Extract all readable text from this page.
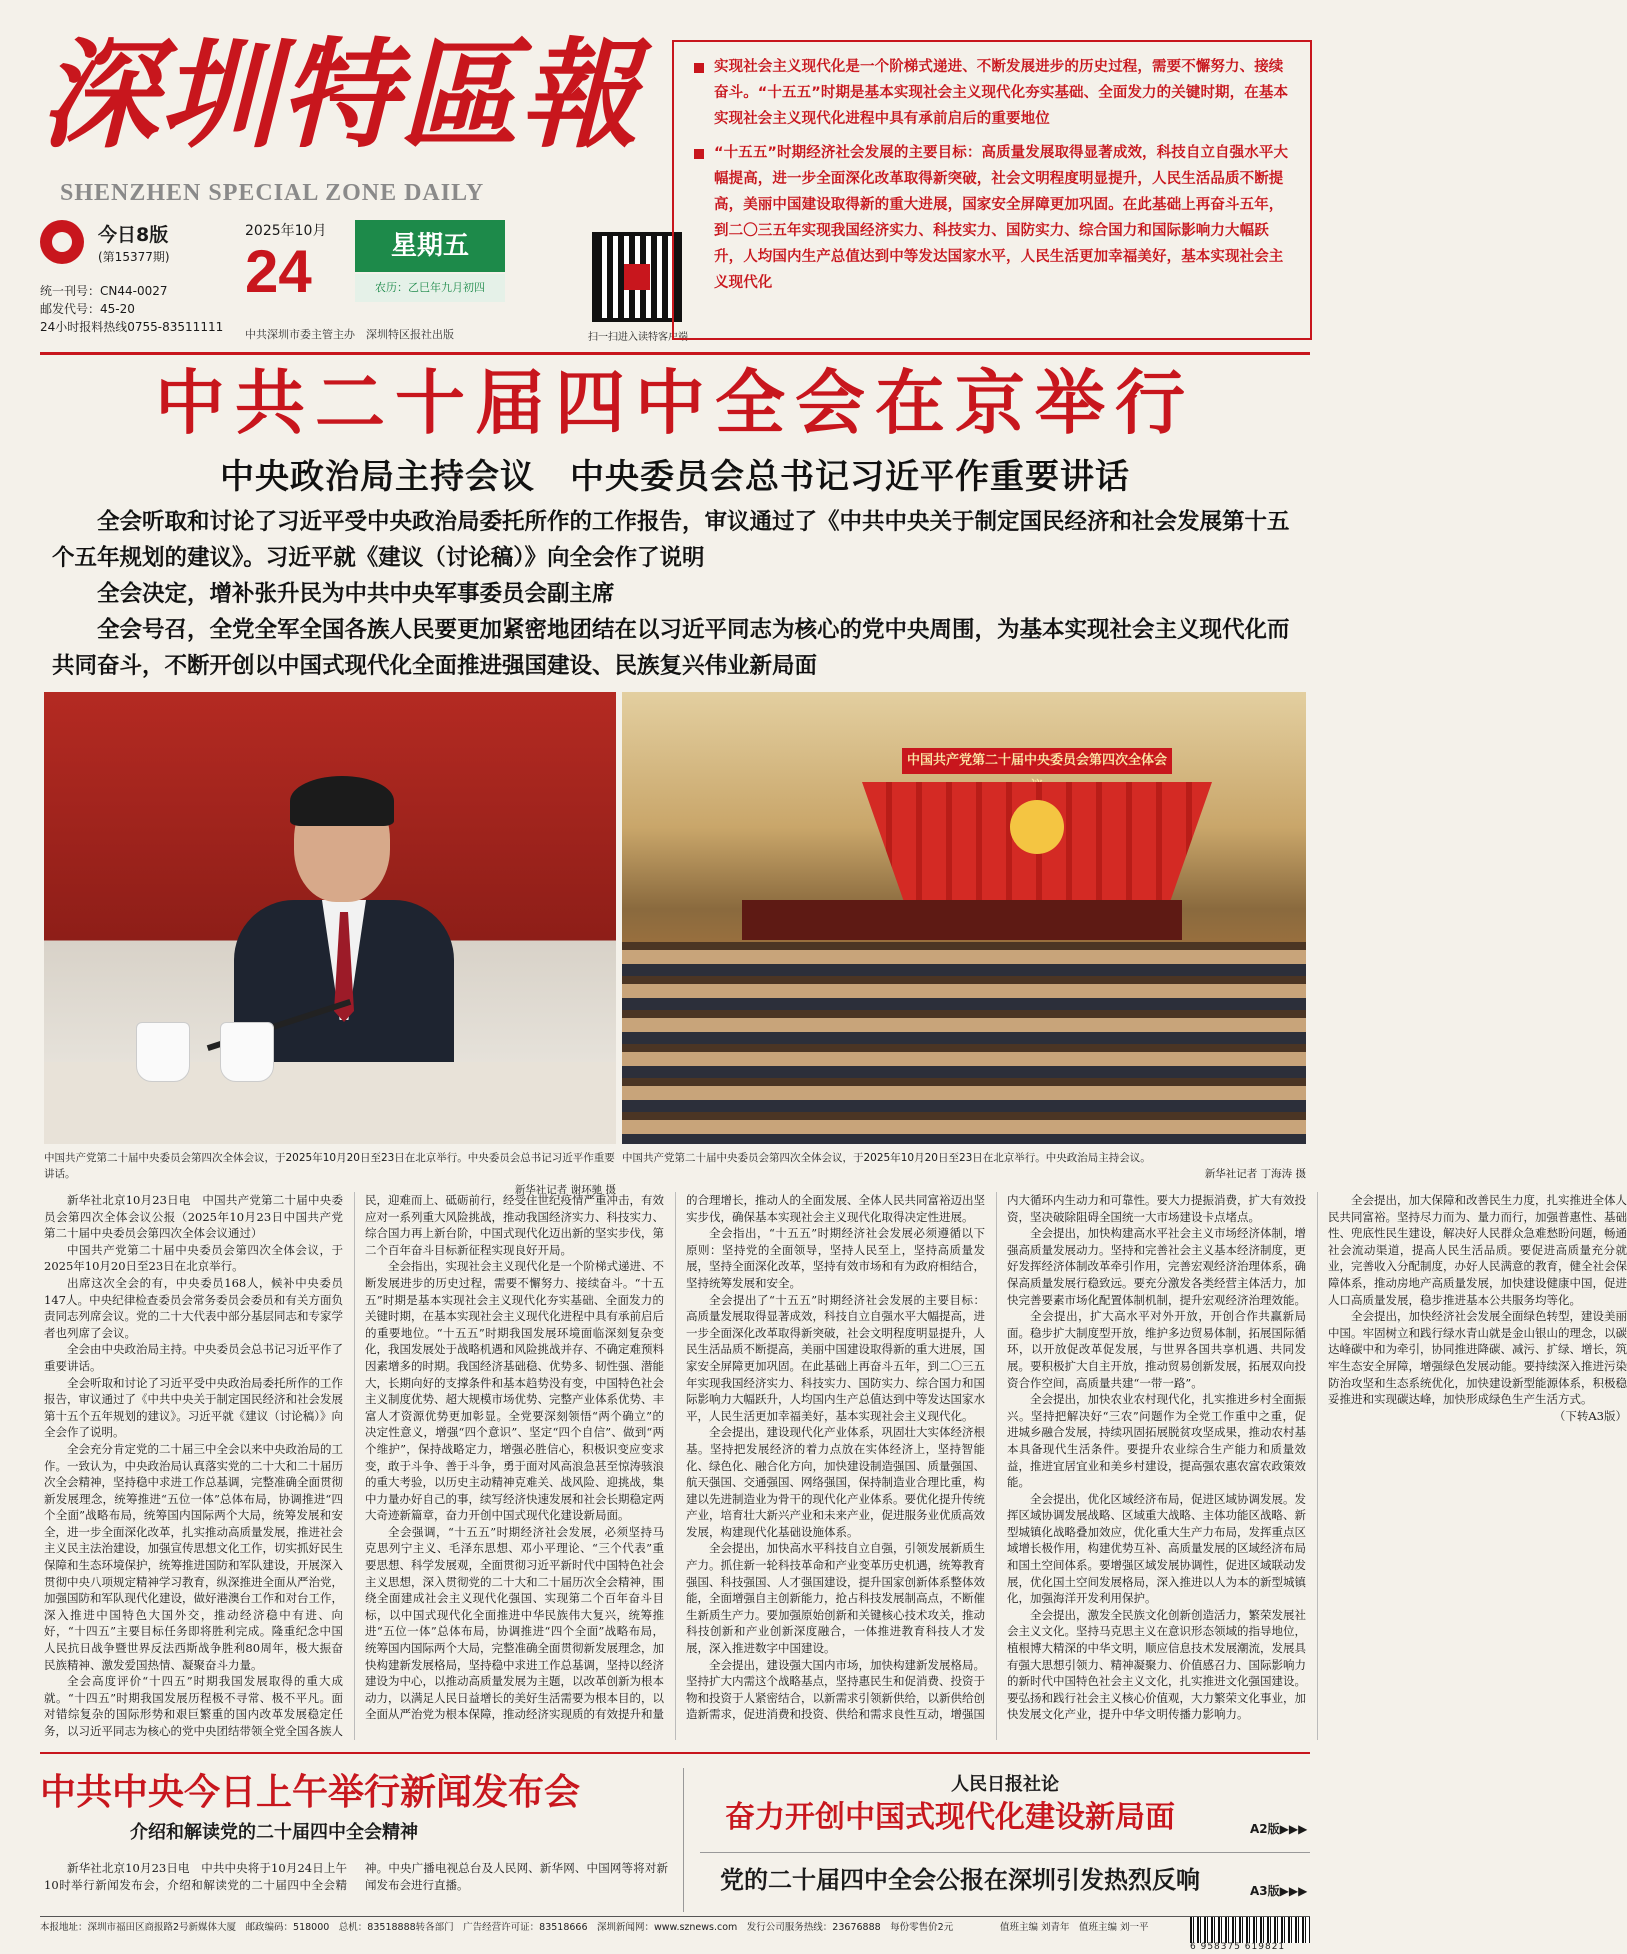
深圳特區報
SHENZHEN SPECIAL ZONE DAILY
今日8版
(第15377期)
统一刊号：CN44-0027
邮发代号：45-20
24小时报料热线0755-83511111
2025年10月
24	星期五
农历：乙巳年九月初四
中共深圳市委主管主办　深圳特区报社出版	扫一扫进入读特客户端
实现社会主义现代化是一个阶梯式递进、不断发展进步的历史过程，需要不懈努力、接续奋斗。“十五五”时期是基本实现社会主义现代化夯实基础、全面发力的关键时期，在基本实现社会主义现代化进程中具有承前启后的重要地位
“十五五”时期经济社会发展的主要目标：高质量发展取得显著成效，科技自立自强水平大幅提高，进一步全面深化改革取得新突破，社会文明程度明显提升，人民生活品质不断提高，美丽中国建设取得新的重大进展，国家安全屏障更加巩固。在此基础上再奋斗五年，到二〇三五年实现我国经济实力、科技实力、国防实力、综合国力和国际影响力大幅跃升，人均国内生产总值达到中等发达国家水平，人民生活更加幸福美好，基本实现社会主义现代化
中共二十届四中全会在京举行
中央政治局主持会议　中央委员会总书记习近平作重要讲话
全会听取和讨论了习近平受中央政治局委托所作的工作报告，审议通过了《中共中央关于制定国民经济和社会发展第十五个五年规划的建议》。习近平就《建议（讨论稿）》向全会作了说明
全会决定，增补张升民为中共中央军事委员会副主席
全会号召，全党全军全国各族人民要更加紧密地团结在以习近平同志为核心的党中央周围，为基本实现社会主义现代化而共同奋斗，不断开创以中国式现代化全面推进强国建设、民族复兴伟业新局面
中国共产党第二十届中央委员会第四次全体会
中国共产党第二十届中央委员会第四次全体会议，于2025年10月20日至23日在北京举行。中央委员会总书记习近平作重要讲话。
新华社记者 谢环驰 摄
中国共产党第二十届中央委员会第四次全体会议，于2025年10月20日至23日在北京举行。中央政治局主持会议。
新华社记者 丁海涛 摄

新华社北京10月23日电　中国共产党第二十届中央委员会第四次全体会议公报（2025年10月23日中国共产党第二十届中央委员会第四次全体会议通过）

中国共产党第二十届中央委员会第四次全体会议，于2025年10月20日至23日在北京举行。

出席这次全会的有，中央委员168人，候补中央委员147人。中央纪律检查委员会常务委员会委员和有关方面负责同志列席会议。党的二十大代表中部分基层同志和专家学者也列席了会议。

全会由中央政治局主持。中央委员会总书记习近平作了重要讲话。

全会听取和讨论了习近平受中央政治局委托所作的工作报告，审议通过了《中共中央关于制定国民经济和社会发展第十五个五年规划的建议》。习近平就《建议（讨论稿）》向全会作了说明。

全会充分肯定党的二十届三中全会以来中央政治局的工作。一致认为，中央政治局认真落实党的二十大和二十届历次全会精神，坚持稳中求进工作总基调，完整准确全面贯彻新发展理念，统筹推进“五位一体”总体布局，协调推进“四个全面”战略布局，统筹国内国际两个大局，统筹发展和安全，进一步全面深化改革，扎实推动高质量发展，推进社会主义民主法治建设，加强宣传思想文化工作，切实抓好民生保障和生态环境保护，统筹推进国防和军队建设，开展深入贯彻中央八项规定精神学习教育，纵深推进全面从严治党，加强国防和军队现代化建设，做好港澳台工作和对台工作，深入推进中国特色大国外交，推动经济稳中有进、向好，“十四五”主要目标任务即将胜利完成。隆重纪念中国人民抗日战争暨世界反法西斯战争胜利80周年，极大振奋民族精神、激发爱国热情、凝聚奋斗力量。

全会高度评价“十四五”时期我国发展取得的重大成就。“十四五”时期我国发展历程极不寻常、极不平凡。面对错综复杂的国际形势和艰巨繁重的国内改革发展稳定任务，以习近平同志为核心的党中央团结带领全党全国各族人民，迎难而上、砥砺前行，经受住世纪疫情严重冲击，有效应对一系列重大风险挑战，推动我国经济实力、科技实力、综合国力再上新台阶，中国式现代化迈出新的坚实步伐，第二个百年奋斗目标新征程实现良好开局。

全会指出，实现社会主义现代化是一个阶梯式递进、不断发展进步的历史过程，需要不懈努力、接续奋斗。“十五五”时期是基本实现社会主义现代化夯实基础、全面发力的关键时期，在基本实现社会主义现代化进程中具有承前启后的重要地位。“十五五”时期我国发展环境面临深刻复杂变化，我国发展处于战略机遇和风险挑战并存、不确定难预料因素增多的时期。我国经济基础稳、优势多、韧性强、潜能大，长期向好的支撑条件和基本趋势没有变，中国特色社会主义制度优势、超大规模市场优势、完整产业体系优势、丰富人才资源优势更加彰显。全党要深刻领悟“两个确立”的决定性意义，增强“四个意识”、坚定“四个自信”、做到“两个维护”，保持战略定力，增强必胜信心，积极识变应变求变，敢于斗争、善于斗争，勇于面对风高浪急甚至惊涛骇浪的重大考验，以历史主动精神克难关、战风险、迎挑战，集中力量办好自己的事，续写经济快速发展和社会长期稳定两大奇迹新篇章，奋力开创中国式现代化建设新局面。

全会强调，“十五五”时期经济社会发展，必须坚持马克思列宁主义、毛泽东思想、邓小平理论、“三个代表”重要思想、科学发展观，全面贯彻习近平新时代中国特色社会主义思想，深入贯彻党的二十大和二十届历次全会精神，围绕全面建成社会主义现代化强国、实现第二个百年奋斗目标，以中国式现代化全面推进中华民族伟大复兴，统筹推进“五位一体”总体布局，协调推进“四个全面”战略布局，统筹国内国际两个大局，完整准确全面贯彻新发展理念，加快构建新发展格局，坚持稳中求进工作总基调，坚持以经济建设为中心，以推动高质量发展为主题，以改革创新为根本动力，以满足人民日益增长的美好生活需要为根本目的，以全面从严治党为根本保障，推动经济实现质的有效提升和量的合理增长，推动人的全面发展、全体人民共同富裕迈出坚实步伐，确保基本实现社会主义现代化取得决定性进展。

全会指出，“十五五”时期经济社会发展必须遵循以下原则：坚持党的全面领导，坚持人民至上，坚持高质量发展，坚持全面深化改革，坚持有效市场和有为政府相结合，坚持统筹发展和安全。

全会提出了“十五五”时期经济社会发展的主要目标：高质量发展取得显著成效，科技自立自强水平大幅提高，进一步全面深化改革取得新突破，社会文明程度明显提升，人民生活品质不断提高，美丽中国建设取得新的重大进展，国家安全屏障更加巩固。在此基础上再奋斗五年，到二〇三五年实现我国经济实力、科技实力、国防实力、综合国力和国际影响力大幅跃升，人均国内生产总值达到中等发达国家水平，人民生活更加幸福美好，基本实现社会主义现代化。

全会提出，建设现代化产业体系，巩固壮大实体经济根基。坚持把发展经济的着力点放在实体经济上，坚持智能化、绿色化、融合化方向，加快建设制造强国、质量强国、航天强国、交通强国、网络强国，保持制造业合理比重，构建以先进制造业为骨干的现代化产业体系。要优化提升传统产业，培育壮大新兴产业和未来产业，促进服务业优质高效发展，构建现代化基础设施体系。

全会提出，加快高水平科技自立自强，引领发展新质生产力。抓住新一轮科技革命和产业变革历史机遇，统筹教育强国、科技强国、人才强国建设，提升国家创新体系整体效能，全面增强自主创新能力，抢占科技发展制高点，不断催生新质生产力。要加强原始创新和关键核心技术攻关，推动科技创新和产业创新深度融合，一体推进教育科技人才发展，深入推进数字中国建设。

全会提出，建设强大国内市场，加快构建新发展格局。坚持扩大内需这个战略基点，坚持惠民生和促消费、投资于物和投资于人紧密结合，以新需求引领新供给，以新供给创造新需求，促进消费和投资、供给和需求良性互动，增强国内大循环内生动力和可靠性。要大力提振消费，扩大有效投资，坚决破除阻碍全国统一大市场建设卡点堵点。

全会提出，加快构建高水平社会主义市场经济体制，增强高质量发展动力。坚持和完善社会主义基本经济制度，更好发挥经济体制改革牵引作用，完善宏观经济治理体系，确保高质量发展行稳致远。要充分激发各类经营主体活力，加快完善要素市场化配置体制机制，提升宏观经济治理效能。

全会提出，扩大高水平对外开放，开创合作共赢新局面。稳步扩大制度型开放，维护多边贸易体制，拓展国际循环，以开放促改革促发展，与世界各国共享机遇、共同发展。要积极扩大自主开放，推动贸易创新发展，拓展双向投资合作空间，高质量共建“一带一路”。

全会提出，加快农业农村现代化，扎实推进乡村全面振兴。坚持把解决好“三农”问题作为全党工作重中之重，促进城乡融合发展，持续巩固拓展脱贫攻坚成果，推动农村基本具备现代生活条件。要提升农业综合生产能力和质量效益，推进宜居宜业和美乡村建设，提高强农惠农富农政策效能。

全会提出，优化区域经济布局，促进区域协调发展。发挥区域协调发展战略、区域重大战略、主体功能区战略、新型城镇化战略叠加效应，优化重大生产力布局，发挥重点区域增长极作用，构建优势互补、高质量发展的区域经济布局和国土空间体系。要增强区域发展协调性，促进区域联动发展，优化国土空间发展格局，深入推进以人为本的新型城镇化，加强海洋开发利用保护。

全会提出，激发全民族文化创新创造活力，繁荣发展社会主义文化。坚持马克思主义在意识形态领域的指导地位，植根博大精深的中华文明，顺应信息技术发展潮流，发展具有强大思想引领力、精神凝聚力、价值感召力、国际影响力的新时代中国特色社会主义文化，扎实推进文化强国建设。要弘扬和践行社会主义核心价值观，大力繁荣文化事业，加快发展文化产业，提升中华文明传播力影响力。

全会提出，加大保障和改善民生力度，扎实推进全体人民共同富裕。坚持尽力而为、量力而行，加强普惠性、基础性、兜底性民生建设，解决好人民群众急难愁盼问题，畅通社会流动渠道，提高人民生活品质。要促进高质量充分就业，完善收入分配制度，办好人民满意的教育，健全社会保障体系，推动房地产高质量发展，加快建设健康中国，促进人口高质量发展，稳步推进基本公共服务均等化。

全会提出，加快经济社会发展全面绿色转型，建设美丽中国。牢固树立和践行绿水青山就是金山银山的理念，以碳达峰碳中和为牵引，协同推进降碳、减污、扩绿、增长，筑牢生态安全屏障，增强绿色发展动能。要持续深入推进污染防治攻坚和生态系统优化，加快建设新型能源体系，积极稳妥推进和实现碳达峰，加快形成绿色生产生活方式。

（下转A3版）

中共中央今日上午举行新闻发布会
介绍和解读党的二十届四中全会精神

新华社北京10月23日电　中共中央将于10月24日上午10时举行新闻发布会，介绍和解读党的二十届四中全会精神。中央广播电视总台及人民网、新华网、中国网等将对新闻发布会进行直播。

人民日报社论
奋力开创中国式现代化建设新局面	A2版▶▶▶
党的二十届四中全会公报在深圳引发热烈反响	A3版▶▶▶
本报地址：深圳市福田区商报路2号新媒体大厦　邮政编码：518000　总机：83518888转各部门　广告经营许可证：83518666　深圳新闻网：www.sznews.com　发行公司服务热线：23676888　每份零售价2元	值班主编 刘青年　值班主编 刘一平
6 958375 619821
